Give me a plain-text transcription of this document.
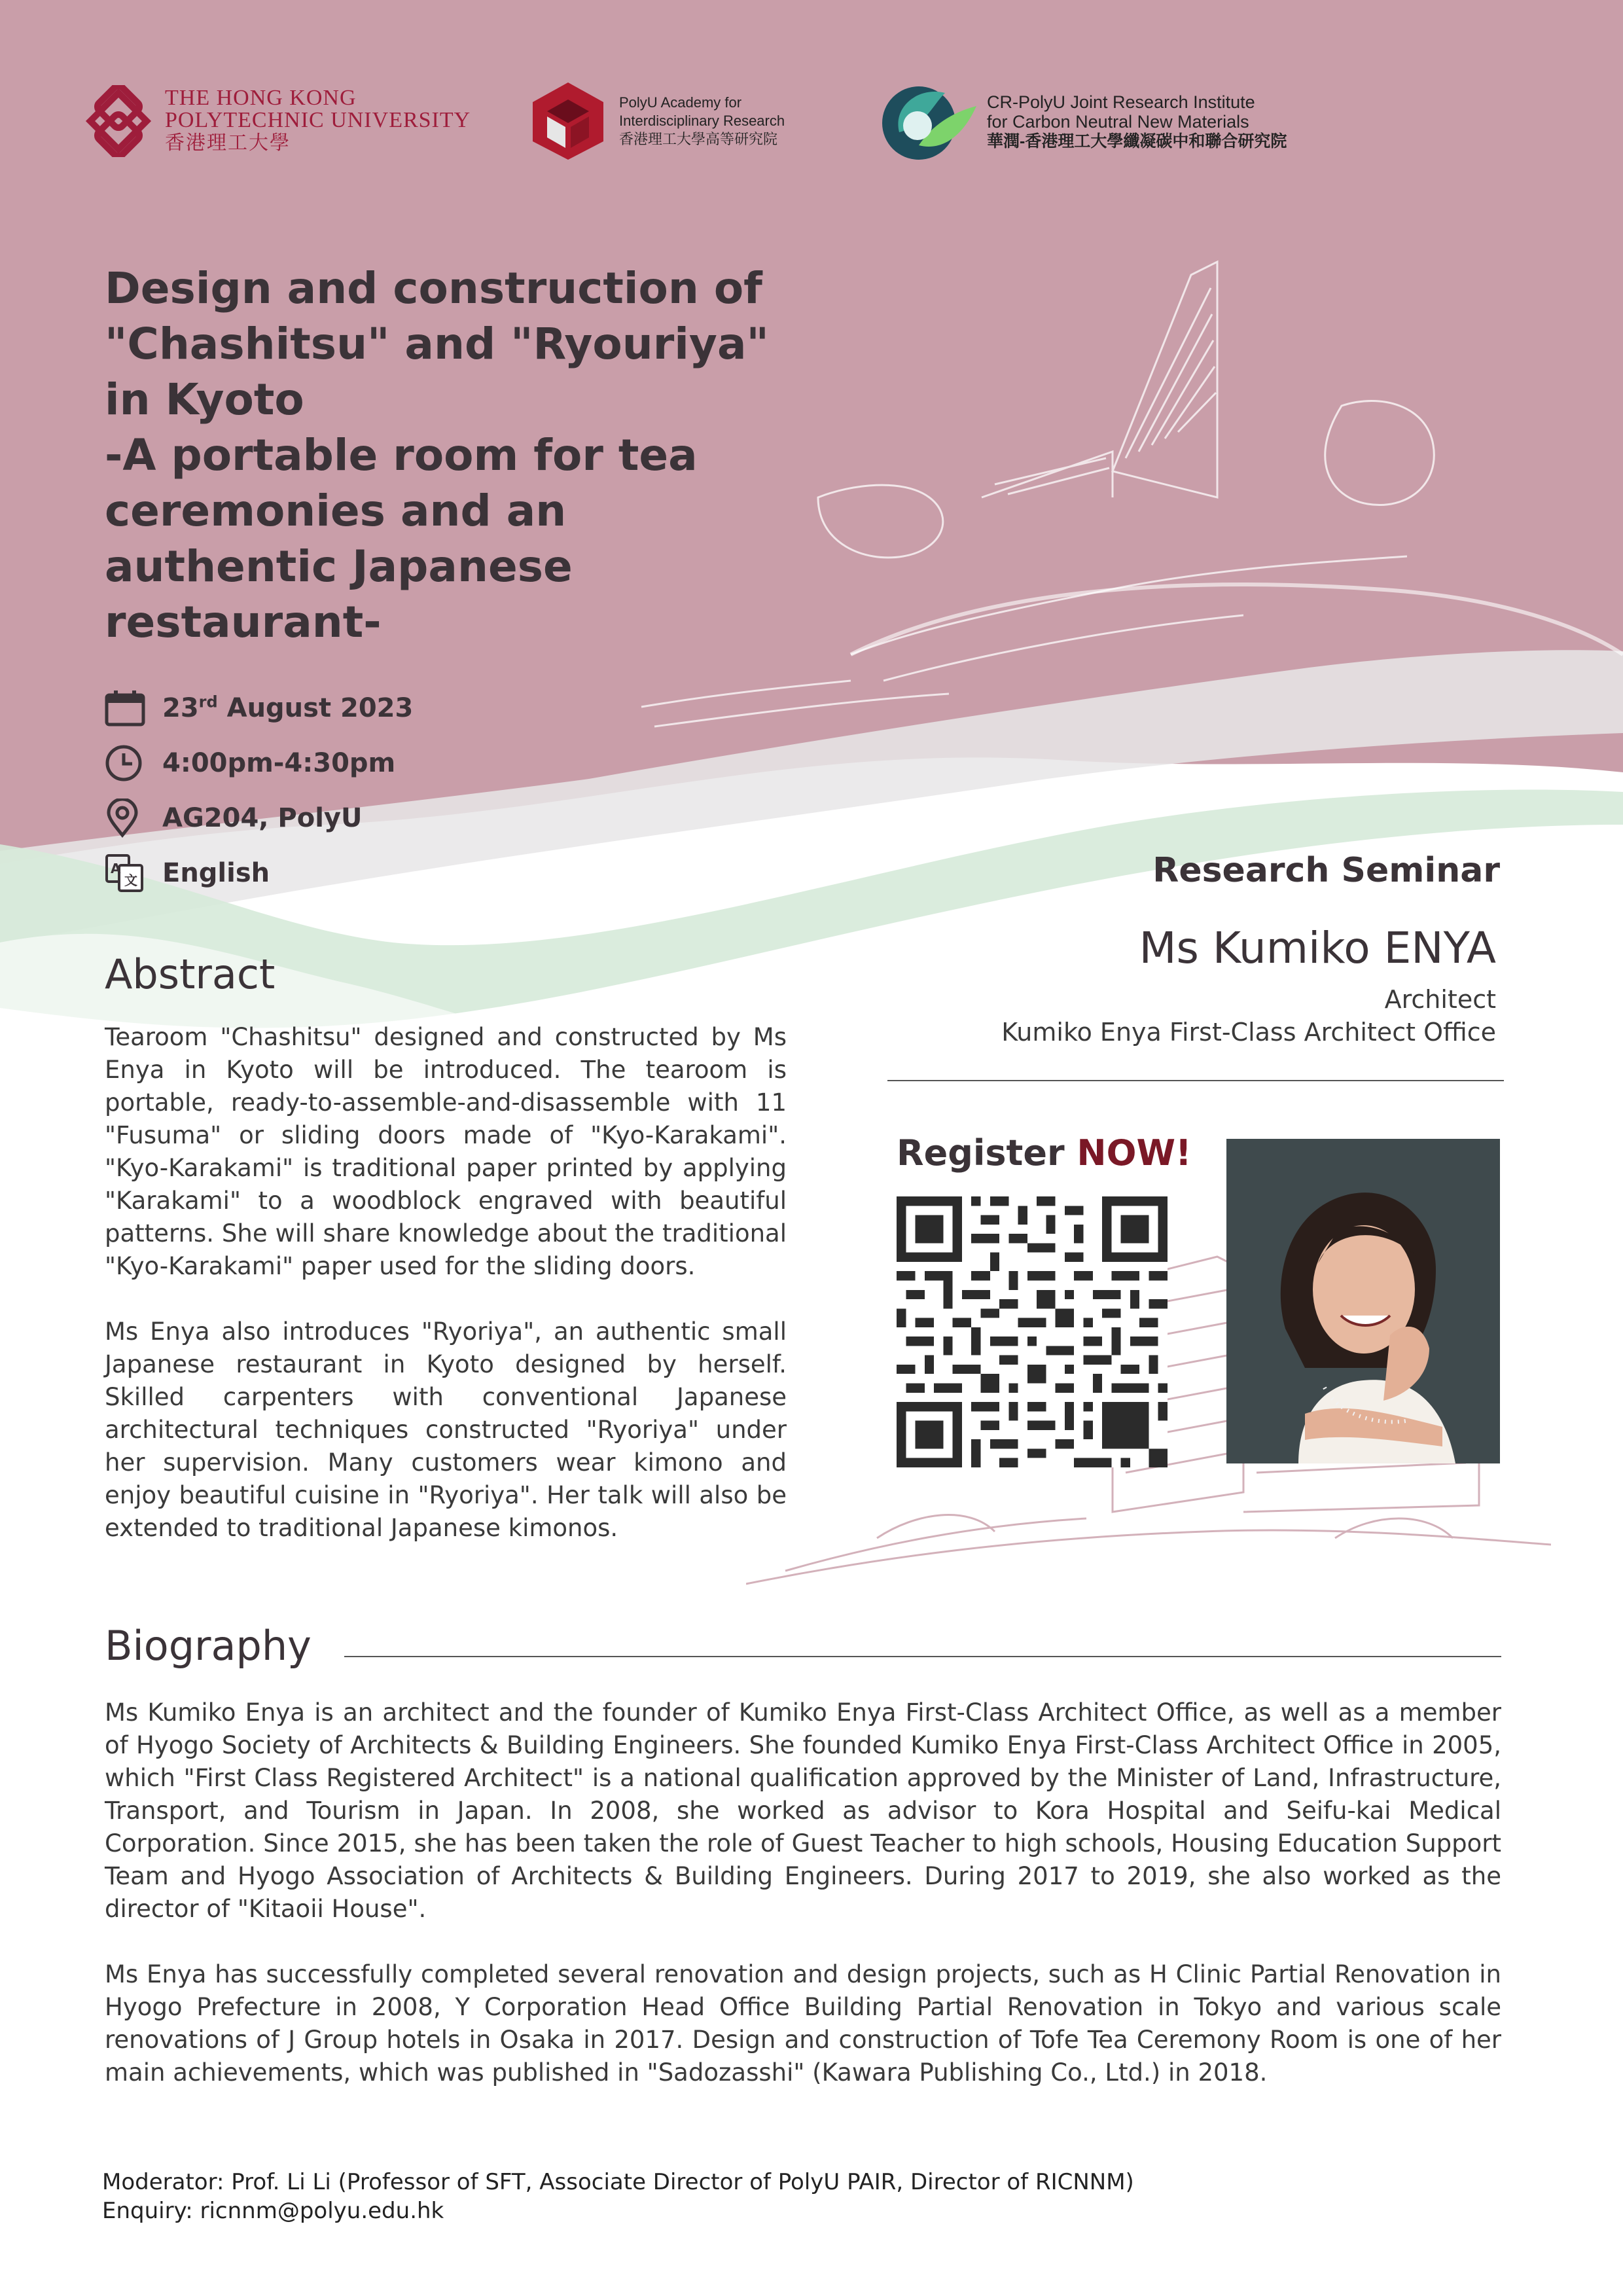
THE HONG KONG
POLYTECHNIC UNIVERSITY
香港理工大學
PolyU Academy for
Interdisciplinary Research
香港理工大學高等研究院
CR-PolyU Joint Research Institute
for Carbon Neutral New Materials
華潤-香港理工大學纖凝碳中和聯合研究院
Design and construction of
"Chashitsu" and "Ryouriya"
in Kyoto
-A portable room for tea
ceremonies and an
authentic Japanese
restaurant-
23rd August 2023
4:00pm-4:30pm
AG204, PolyU
A
文 English
Abstract

Tearoom "Chashitsu" designed and constructed by Ms Enya in Kyoto will be introduced. The tearoom is portable, ready-to-assemble-and-disassemble with 11 "Fusuma" or sliding doors made of "Kyo-Karakami". "Kyo-Karakami" is traditional paper printed by applying "Karakami" to a woodblock engraved with beautiful patterns. She will share knowledge about the traditional "Kyo-Karakami" paper used for the sliding doors.

Ms Enya also introduces "Ryoriya", an authentic small Japanese restaurant in Kyoto designed by herself. Skilled carpenters with conventional Japanese architectural techniques constructed "Ryoriya" under her supervision. Many customers wear kimono and enjoy beautiful cuisine in "Ryoriya". Her talk will also be extended to traditional Japanese kimonos.

Research Seminar
Ms Kumiko ENYA
Architect
Kumiko Enya First-Class Architect Office
Register NOW!
Biography

Ms Kumiko Enya is an architect and the founder of Kumiko Enya First-Class Architect Office, as well as a member of Hyogo Society of Architects & Building Engineers. She founded Kumiko Enya First-Class Architect Office in 2005, which "First Class Registered Architect" is a national qualification approved by the Minister of Land, Infrastructure, Transport, and Tourism in Japan. In 2008, she worked as advisor to Kora Hospital and Seifu-kai Medical Corporation. Since 2015, she has been taken the role of Guest Teacher to high schools, Housing Education Support Team and Hyogo Association of Architects & Building Engineers. During 2017 to 2019, she also worked as the director of "Kitaoii House".

Ms Enya has successfully completed several renovation and design projects, such as H Clinic Partial Renovation in Hyogo Prefecture in 2008, Y Corporation Head Office Building Partial Renovation in Tokyo and various scale renovations of J Group hotels in Osaka in 2017. Design and construction of Tofe Tea Ceremony Room is one of her main achievements, which was published in "Sadozasshi" (Kawara Publishing Co., Ltd.) in 2018.

Moderator: Prof. Li Li (Professor of SFT, Associate Director of PolyU PAIR, Director of RICNNM)
Enquiry: ricnnm@polyu.edu.hk
